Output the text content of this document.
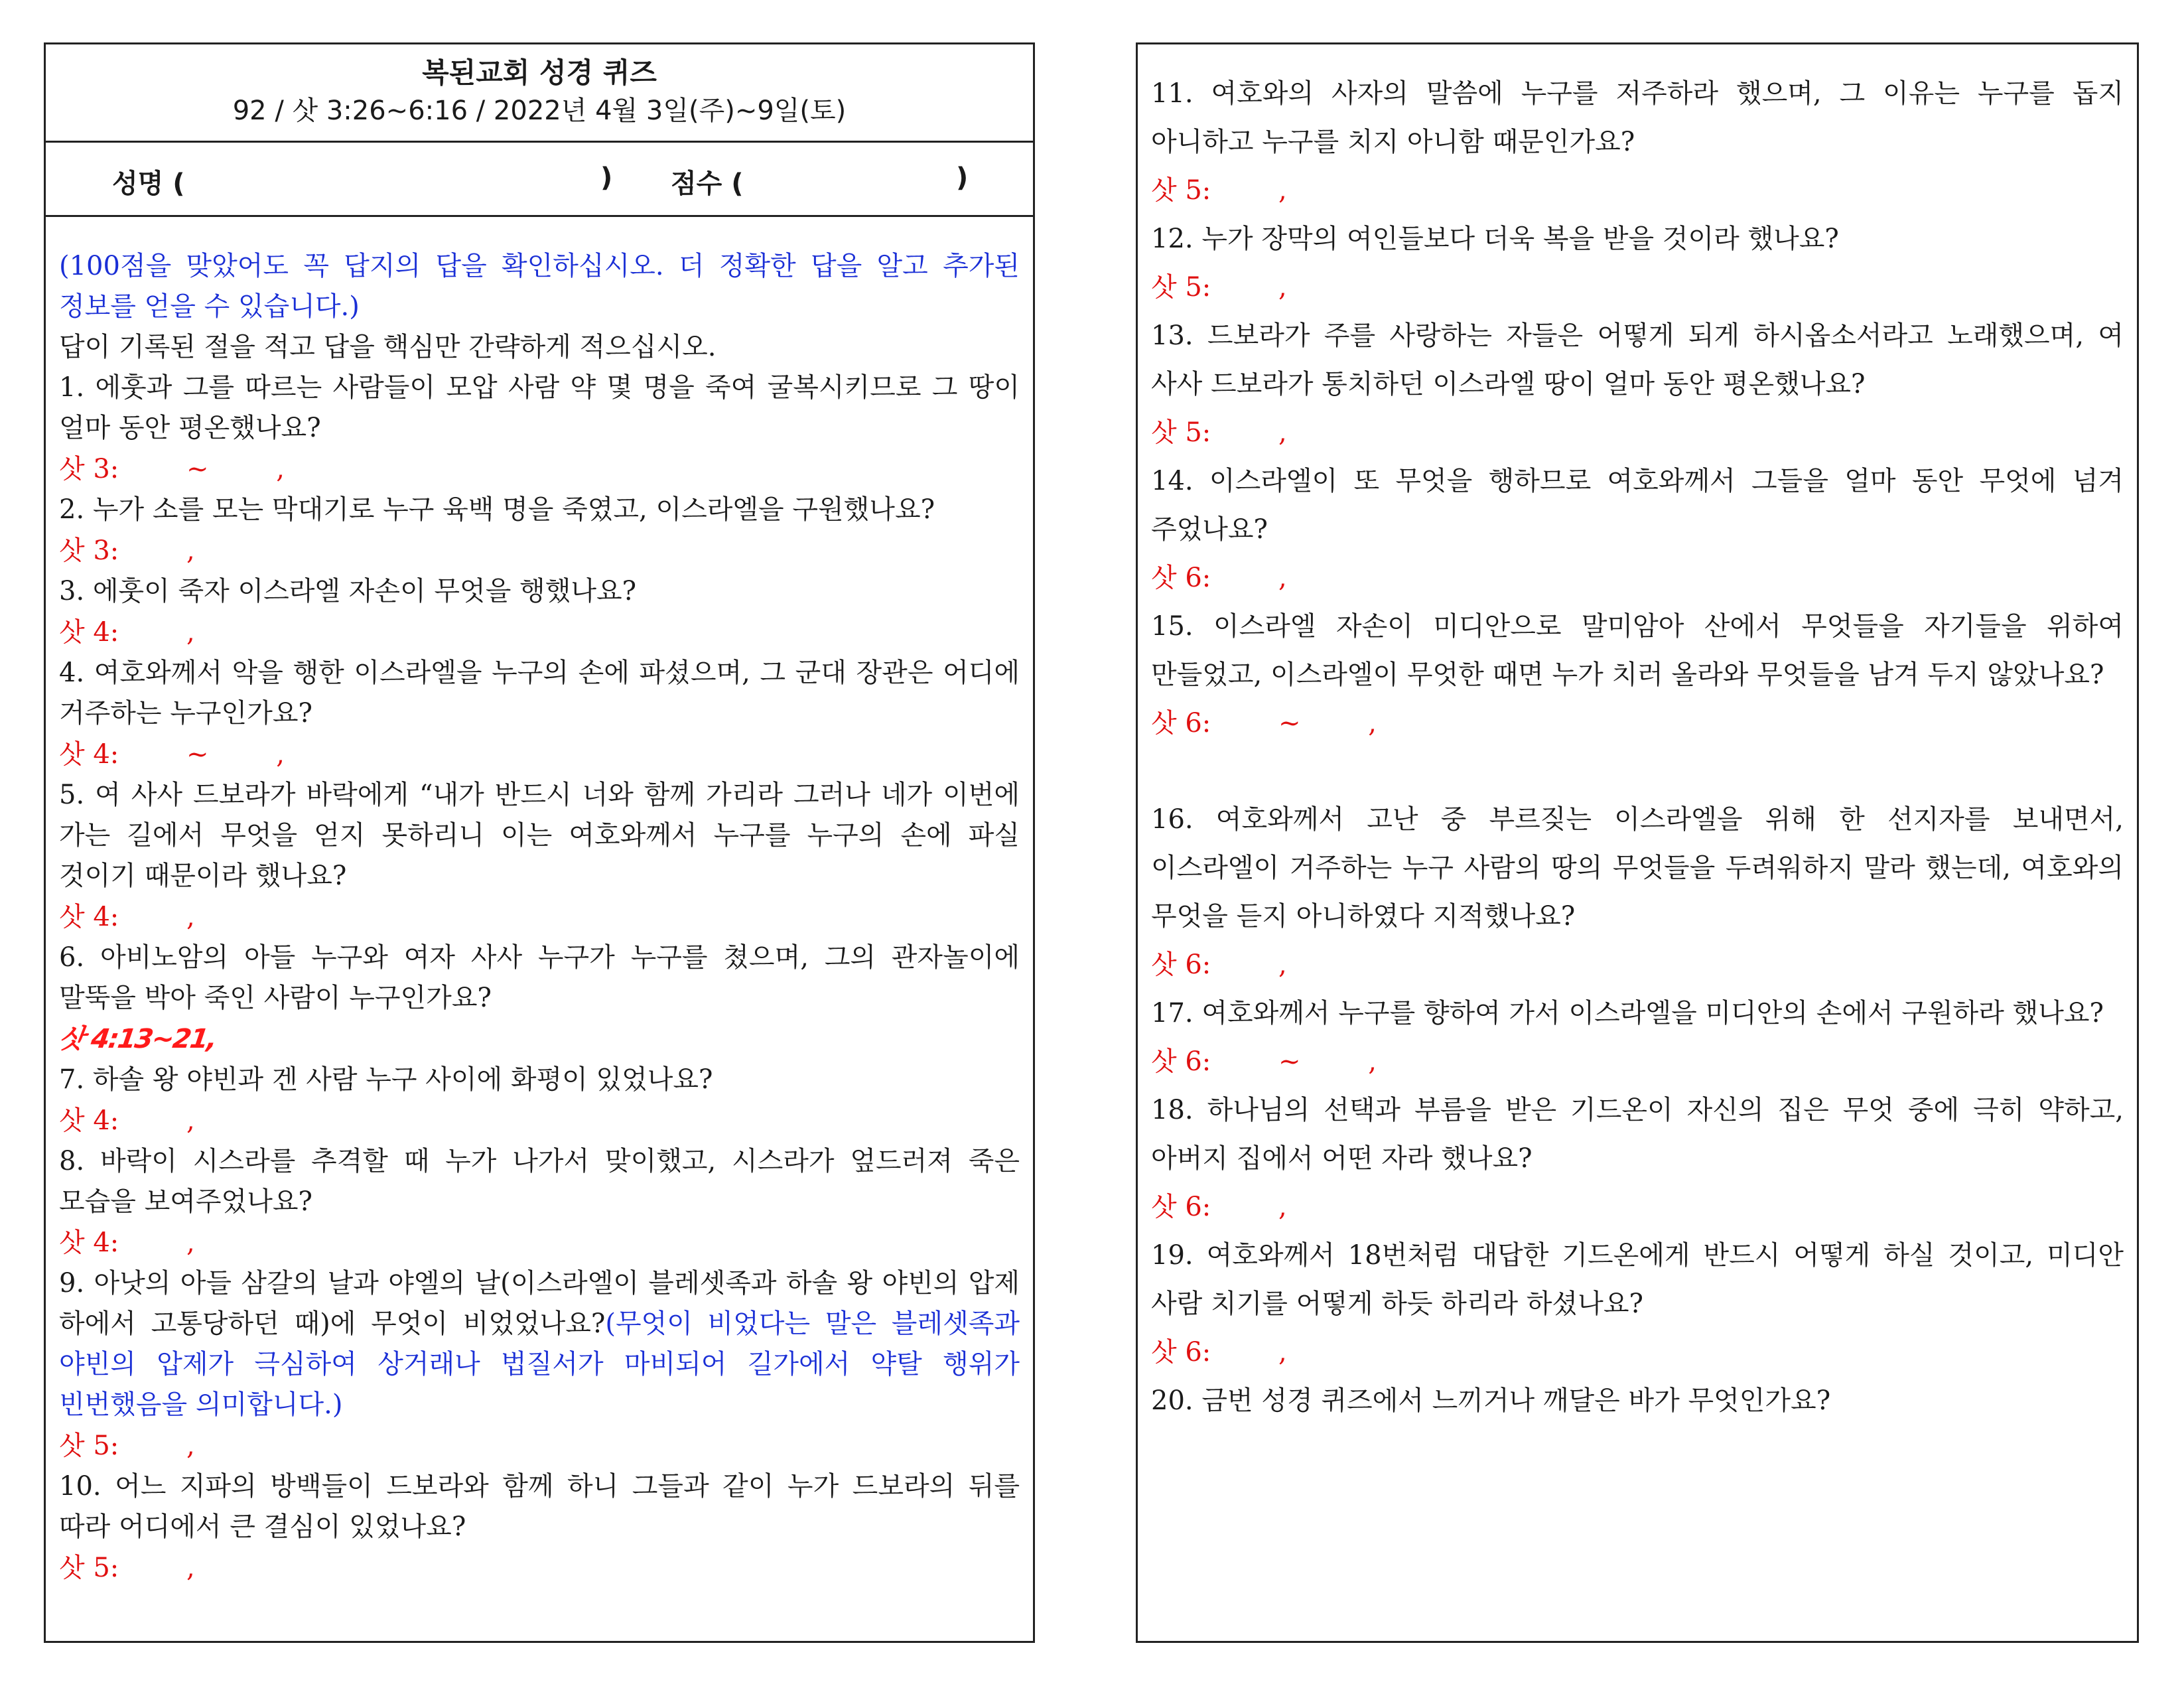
복된교회 성경 퀴즈
92 / 삿 3:26~6:16 / 2022년 4월 3일(주)~9일(토)
성명 (	) 점수 (	)

(100점을 맞았어도 꼭 답지의 답을 확인하십시오. 더 정확한 답을 알고 추가된 정보를 얻을 수 있습니다.)

답이 기록된 절을 적고 답을 핵심만 간략하게 적으십시오.

1. 에훗과 그를 따르는 사람들이 모압 사람 약 몇 명을 죽여 굴복시키므로 그 땅이 얼마 동안 평온했나요?

삿 3:        ~        ,

2. 누가 소를 모는 막대기로 누구 육백 명을 죽였고, 이스라엘을 구원했나요?

삿 3:        ,

3. 에훗이 죽자 이스라엘 자손이 무엇을 행했나요?

삿 4:        ,

4. 여호와께서 악을 행한 이스라엘을 누구의 손에 파셨으며, 그 군대 장관은 어디에 거주하는 누구인가요?

삿 4:        ~        ,

5. 여 사사 드보라가 바락에게 “내가 반드시 너와 함께 가리라 그러나 네가 이번에 가는 길에서 무엇을 얻지 못하리니 이는 여호와께서 누구를 누구의 손에 파실 것이기 때문이라 했나요?

삿 4:        ,

6. 아비노암의 아들 누구와 여자 사사 누구가 누구를 쳤으며, 그의 관자놀이에 말뚝을 박아 죽인 사람이 누구인가요?

삿 4:13~21,

7. 하솔 왕 야빈과 겐 사람 누구 사이에 화평이 있었나요?

삿 4:        ,

8. 바락이 시스라를 추격할 때 누가 나가서 맞이했고, 시스라가 엎드러져 죽은 모습을 보여주었나요?

삿 4:        ,

9. 아낫의 아들 삼갈의 날과 야엘의 날(이스라엘이 블레셋족과 하솔 왕 야빈의 압제 하에서 고통당하던 때)에 무엇이 비었었나요?(무엇이 비었다는 말은 블레셋족과 야빈의 압제가 극심하여 상거래나 법질서가 마비되어 길가에서 약탈 행위가 빈번했음을 의미합니다.)

삿 5:        ,

10. 어느 지파의 방백들이 드보라와 함께 하니 그들과 같이 누가 드보라의 뒤를 따라 어디에서 큰 결심이 있었나요?

삿 5:        ,

11. 여호와의 사자의 말씀에 누구를 저주하라 했으며, 그 이유는 누구를 돕지 아니하고 누구를 치지 아니함 때문인가요?

삿 5:        ,

12. 누가 장막의 여인들보다 더욱 복을 받을 것이라 했나요?

삿 5:        ,

13. 드보라가 주를 사랑하는 자들은 어떻게 되게 하시옵소서라고 노래했으며, 여 사사 드보라가 통치하던 이스라엘 땅이 얼마 동안 평온했나요?

삿 5:        ,

14. 이스라엘이 또 무엇을 행하므로 여호와께서 그들을 얼마 동안 무엇에 넘겨 주었나요?

삿 6:        ,

15. 이스라엘 자손이 미디안으로 말미암아 산에서 무엇들을 자기들을 위하여 만들었고, 이스라엘이 무엇한 때면 누가 치러 올라와 무엇들을 남겨 두지 않았나요?

삿 6:        ~        ,

16. 여호와께서 고난 중 부르짖는 이스라엘을 위해 한 선지자를 보내면서, 이스라엘이 거주하는 누구 사람의 땅의 무엇들을 두려워하지 말라 했는데, 여호와의 무엇을 듣지 아니하였다 지적했나요?

삿 6:        ,

17. 여호와께서 누구를 향하여 가서 이스라엘을 미디안의 손에서 구원하라 했나요?

삿 6:        ~        ,

18. 하나님의 선택과 부름을 받은 기드온이 자신의 집은 무엇 중에 극히 약하고, 아버지 집에서 어떤 자라 했나요?

삿 6:        ,

19. 여호와께서 18번처럼 대답한 기드온에게 반드시 어떻게 하실 것이고, 미디안 사람 치기를 어떻게 하듯 하리라 하셨나요?

삿 6:        ,

20. 금번 성경 퀴즈에서 느끼거나 깨달은 바가 무엇인가요?
